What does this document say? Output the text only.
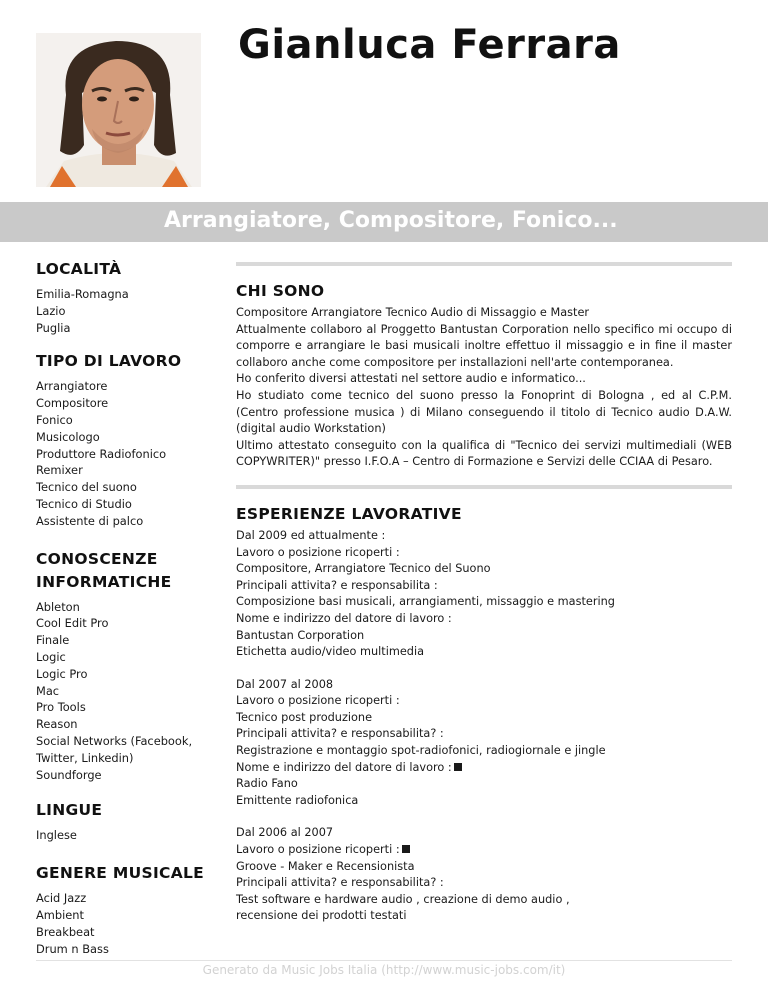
Gianluca Ferrara
Arrangiatore, Compositore, Fonico...
LOCALITÀ
Emilia-Romagna
Lazio
Puglia
TIPO DI LAVORO
Arrangiatore
Compositore
Fonico
Musicologo
Produttore Radiofonico
Remixer
Tecnico del suono
Tecnico di Studio
Assistente di palco
CONOSCENZE INFORMATICHE
Ableton
Cool Edit Pro
Finale
Logic
Logic Pro
Mac
Pro Tools
Reason
Social Networks (Facebook, Twitter, Linkedin)
Soundforge
LINGUE
Inglese
GENERE MUSICALE
Acid Jazz
Ambient
Breakbeat
Drum n Bass
CHI SONO

Compositore Arrangiatore Tecnico Audio di Missaggio e Master
Attualmente collaboro al Proggetto Bantustan Corporation nello specifico mi occupo di comporre e arrangiare le basi musicali inoltre effettuo il missaggio e in fine il master collaboro anche come compositore per installazioni nell'arte contemporanea.
Ho conferito diversi attestati nel settore audio e informatico...
Ho studiato come tecnico del suono presso la Fonoprint di Bologna , ed al C.P.M. (Centro professione musica ) di Milano conseguendo il titolo di Tecnico audio D.A.W.(digital audio Workstation)
Ultimo attestato conseguito con la qualifica di "Tecnico dei servizi multimediali (WEB COPYWRITER)" presso I.F.O.A – Centro di Formazione e Servizi delle CCIAA di Pesaro.

ESPERIENZE LAVORATIVE
Dal 2009 ed attualmente :
Lavoro o posizione ricoperti :
Compositore, Arrangiatore Tecnico del Suono
Principali attivita? e responsabilita :
Composizione basi musicali, arrangiamenti, missaggio e mastering
Nome e indirizzo del datore di lavoro :
Bantustan Corporation
Etichetta audio/video multimedia
Dal 2007 al 2008
Lavoro o posizione ricoperti :
Tecnico post produzione
Principali attivita? e responsabilita? :
Registrazione e montaggio spot-radiofonici, radiogiornale e jingle
Nome e indirizzo del datore di lavoro :
Radio Fano
Emittente radiofonica
Dal 2006 al 2007
Lavoro o posizione ricoperti :
Groove - Maker e Recensionista
Principali attivita? e responsabilita? :
Test software e hardware audio , creazione di demo audio ,
recensione dei prodotti testati
Generato da Music Jobs Italia (http://www.music-jobs.com/it)
